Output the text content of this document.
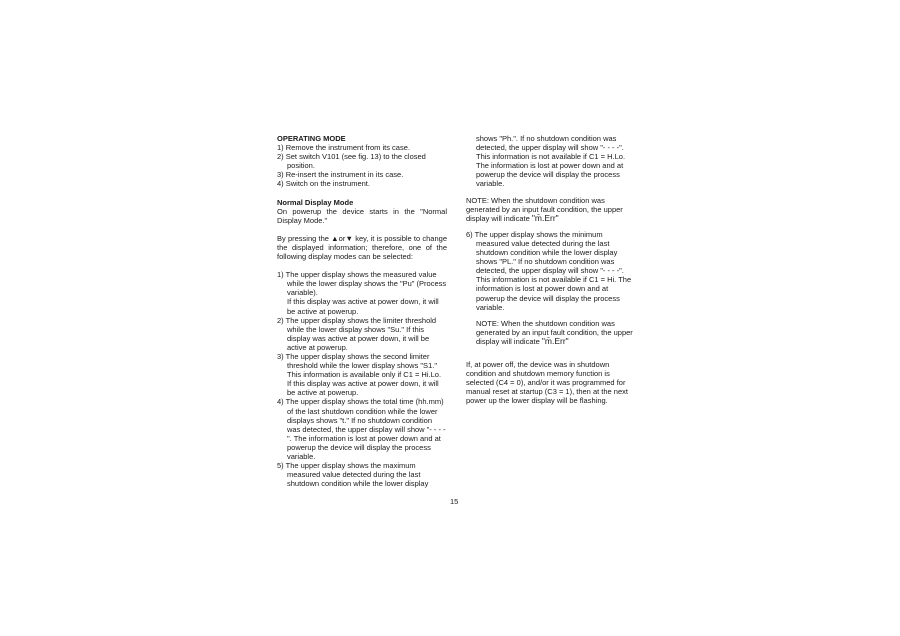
OPERATING MODE

1) Remove the instrument from its case.
2) Set switch V101 (see fig. 13) to the closed position.
3) Re-insert the instrument in its case.
4) Switch on the instrument.

Normal Display Mode

On powerup the device starts in the "Normal Display Mode."

By pressing the ▲or▼ key, it is possible to change the displayed information; therefore, one of the following display modes can be selected:

1) The upper display shows the measured value while the lower display shows the "Pu" (Process variable).
If this display was active at power down, it will be active at powerup.
2) The upper display shows the limiter threshold while the lower display shows "Su." If this display was active at power down, it will be active at powerup.
3) The upper display shows the second limiter threshold while the lower display shows "S1."
This information is available only if C1 = Hi.Lo. If this display was active at power down, it will be active at powerup.
4) The upper display shows the total time (hh.mm) of the last shutdown condition while the lower displays shows "t." If no shutdown condition was detected, the upper display will show "- - - -". The information is lost at power down and at powerup the device will display the process variable.
5) The upper display shows the maximum measured value detected during the last shutdown condition while the lower display
shows "Ph.". If no shutdown condition was detected, the upper display will show "- - - -". This information is not available if C1 = H.Lo. The information is lost at power down and at powerup the device will display the process variable.

NOTE: When the shutdown condition was generated by an input fault condition, the upper display will indicate "m̄.Err"

6) The upper display shows the minimum measured value detected during the last shutdown condition while the lower display shows "PL." If no shutdown condition was detected, the upper display will show "- - - -". This information is not available if C1 = Hi. The information is lost at power down and at powerup the device will display the process variable.
NOTE: When the shutdown condition was generated by an input fault condition, the upper display will indicate "m̄.Err"

If, at power off, the device was in shutdown condition and shutdown memory function is selected (C4 = 0), and/or it was programmed for manual reset at startup (C3 = 1), then at the next power up the lower display will be flashing.

15
